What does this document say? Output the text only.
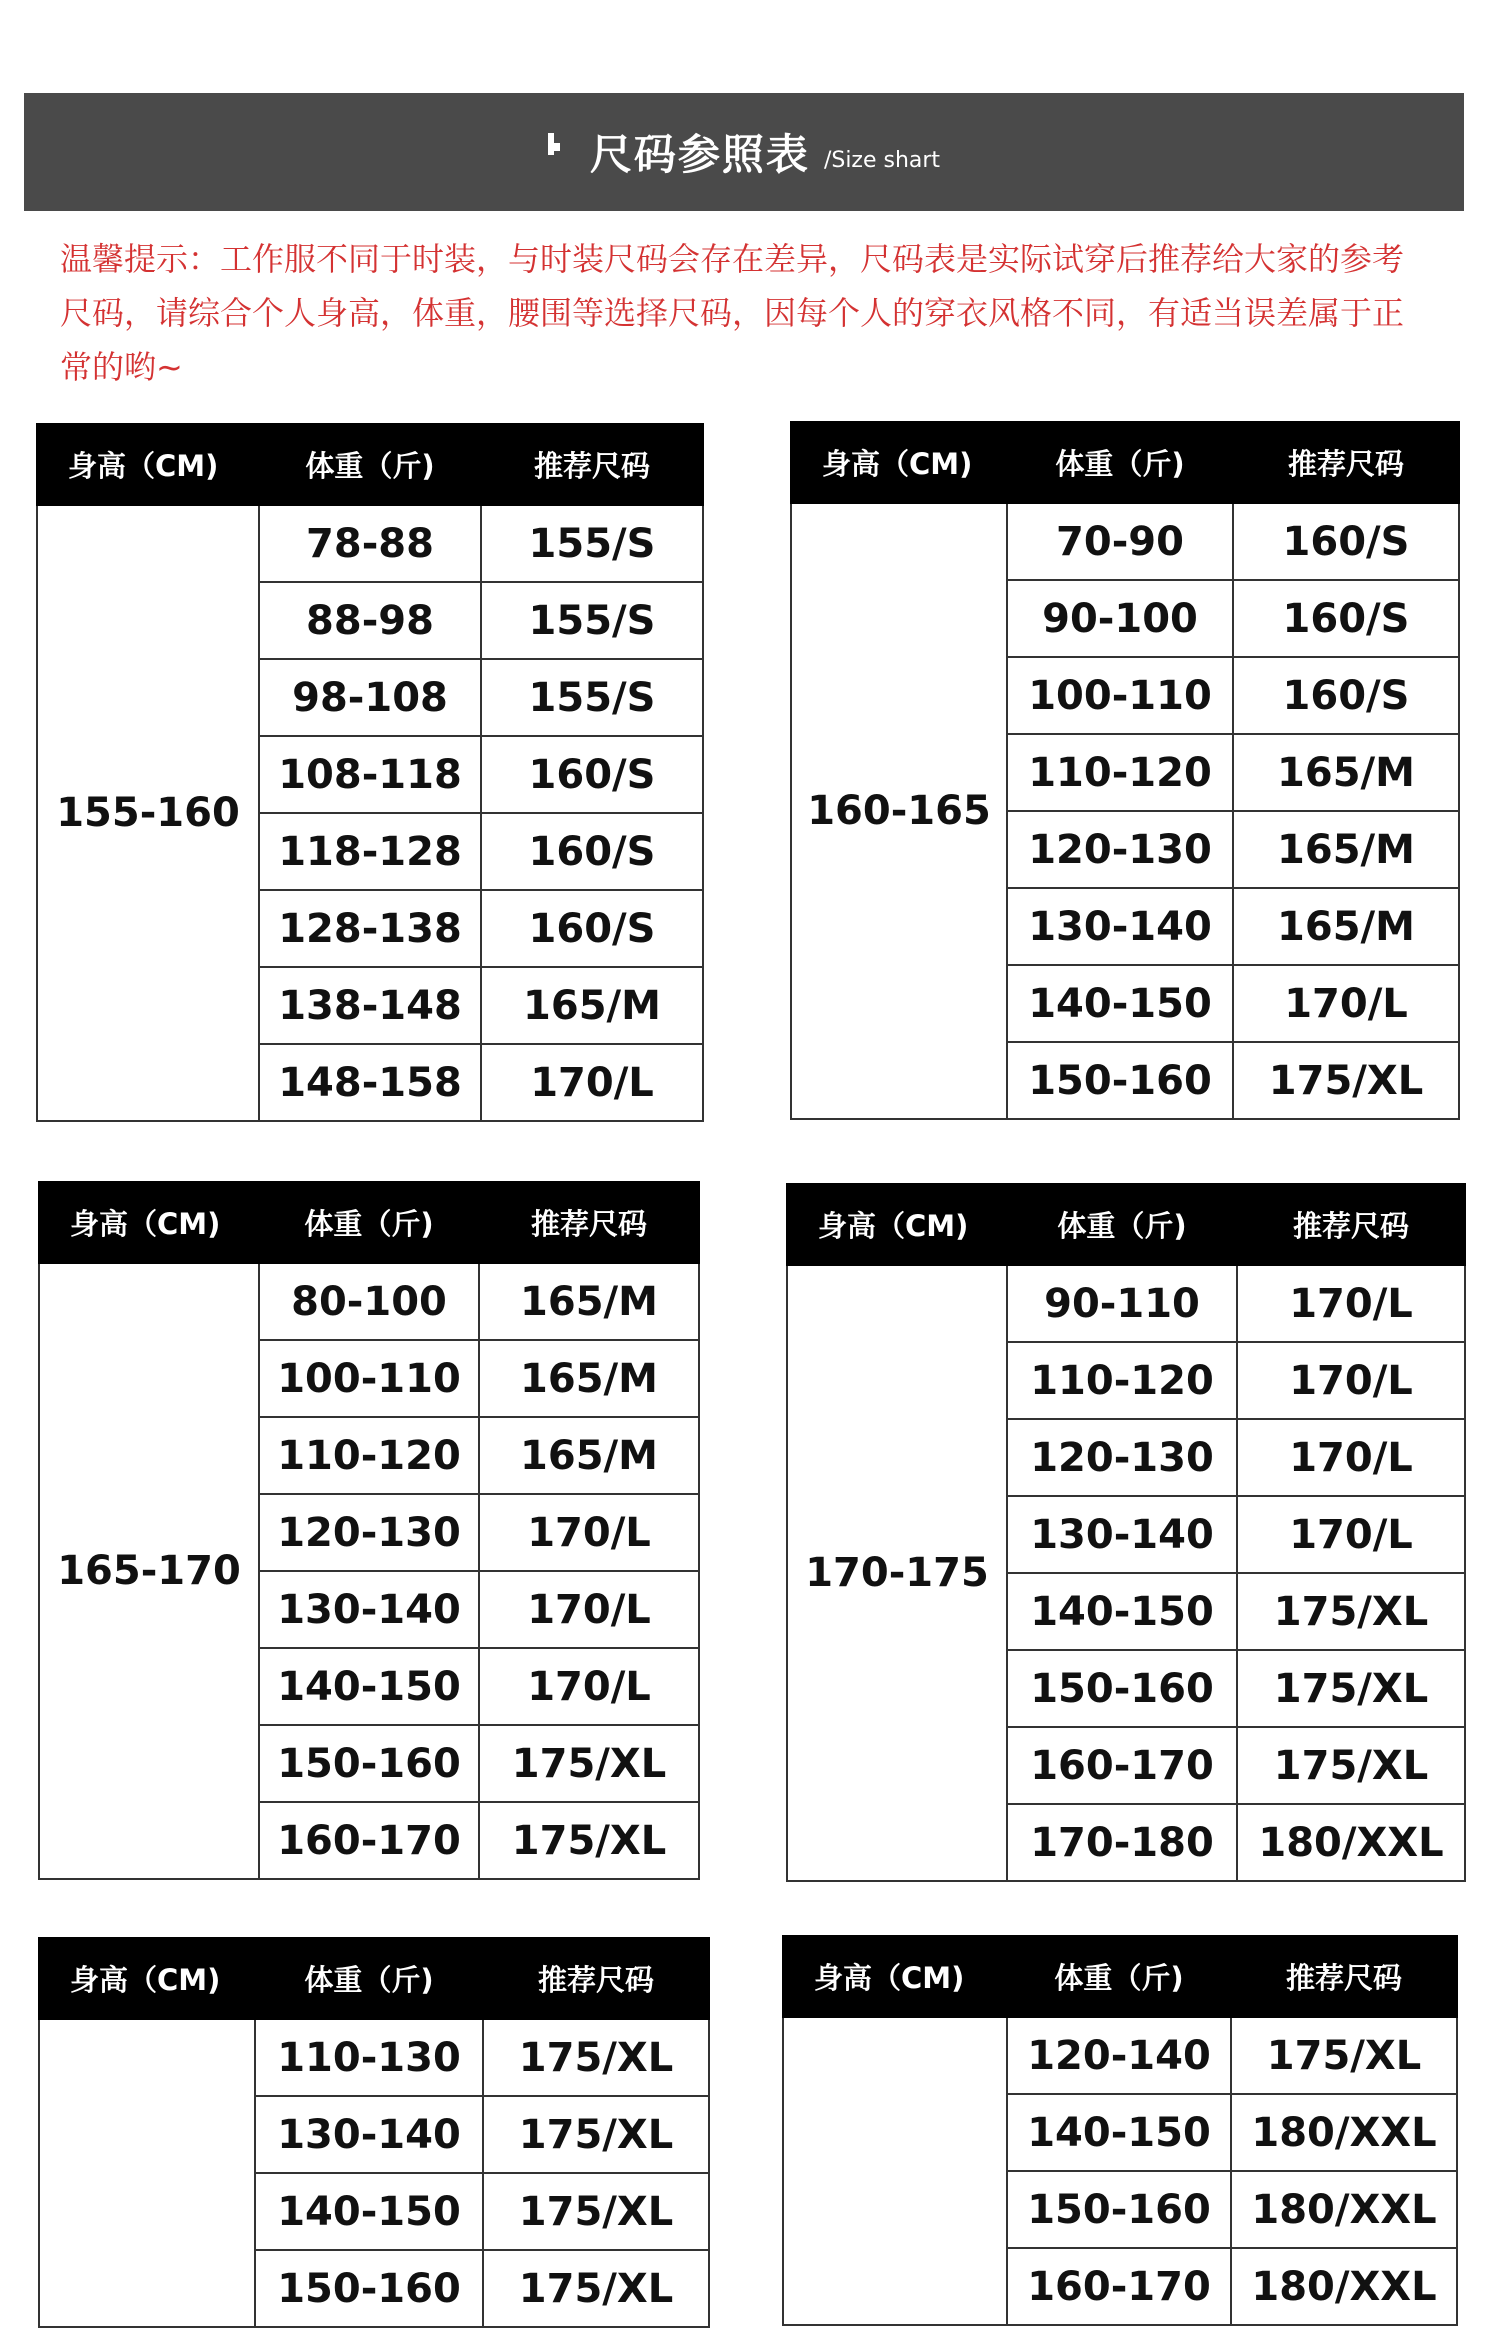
尺码参照表 /Size shart
温馨提示：工作服不同于时装，与时装尺码会存在差异，尺码表是实际试穿后推荐给大家的参考尺码，请综合个人身高，体重，腰围等选择尺码，因每个人的穿衣风格不同，有适当误差属于正常的哟~
身高（CM)	体重（斤)	推荐尺码
155-160	78-88	155/S
	88-98	155/S
	98-108	155/S
	108-118	160/S
	118-128	160/S
	128-138	160/S
	138-148	165/M
	148-158	170/L
身高（CM)	体重（斤)	推荐尺码
160-165	70-90	160/S
	90-100	160/S
	100-110	160/S
	110-120	165/M
	120-130	165/M
	130-140	165/M
	140-150	170/L
	150-160	175/XL
身高（CM)	体重（斤)	推荐尺码
165-170	80-100	165/M
	100-110	165/M
	110-120	165/M
	120-130	170/L
	130-140	170/L
	140-150	170/L
	150-160	175/XL
	160-170	175/XL
身高（CM)	体重（斤)	推荐尺码
170-175	90-110	170/L
	110-120	170/L
	120-130	170/L
	130-140	170/L
	140-150	175/XL
	150-160	175/XL
	160-170	175/XL
	170-180	180/XXL
身高（CM)	体重（斤)	推荐尺码
	110-130	175/XL
	130-140	175/XL
	140-150	175/XL
	150-160	175/XL
身高（CM)	体重（斤)	推荐尺码
	120-140	175/XL
	140-150	180/XXL
	150-160	180/XXL
	160-170	180/XXL
